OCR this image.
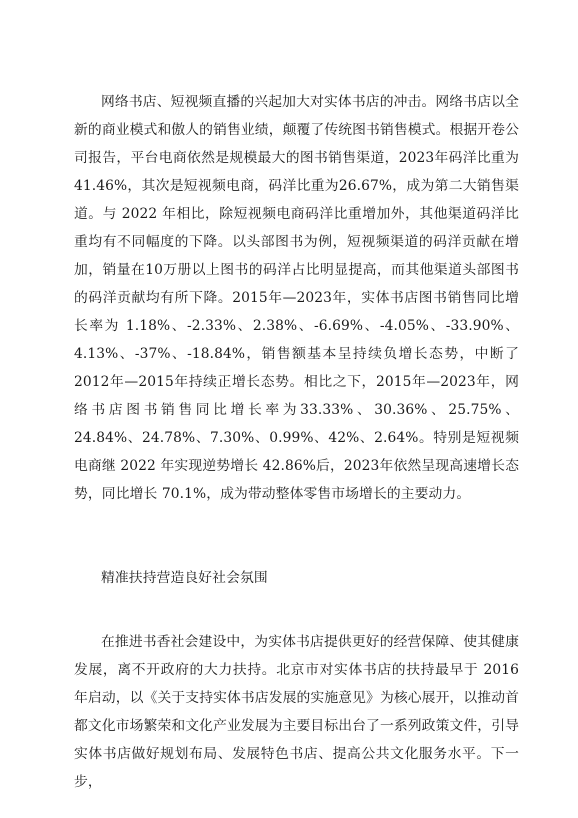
网络书店、短视频直播的兴起加大对实体书店的冲击。网络书店以全新的商业模式和傲人的销售业绩，颠覆了传统图书销售模式。根据开卷公司报告，平台电商依然是规模最大的图书销售渠道，2023年码洋比重为41.46%，其次是短视频电商，码洋比重为26.67%，成为第二大销售渠道。与 2022 年相比，除短视频电商码洋比重增加外，其他渠道码洋比重均有不同幅度的下降。以头部图书为例，短视频渠道的码洋贡献在增加，销量在10万册以上图书的码洋占比明显提高，而其他渠道头部图书的码洋贡献均有所下降。2015年—2023年，实体书店图书销售同比增长率为 1.18%、-2.33%、2.38%、-6.69%、-4.05%、-33.90%、4.13%、-37%、-18.84%，销售额基本呈持续负增长态势，中断了2012年—2015年持续正增长态势。相比之下，2015年—2023年，网络书店图书销售同比增长率为33.33%、30.36%、25.75%、24.84%、24.78%、7.30%、0.99%、42%、2.64%。特别是短视频电商继 2022 年实现逆势增长 42.86%后，2023年依然呈现高速增长态势，同比增长 70.1%，成为带动整体零售市场增长的主要动力。

精准扶持营造良好社会氛围

在推进书香社会建设中，为实体书店提供更好的经营保障、使其健康发展，离不开政府的大力扶持。北京市对实体书店的扶持最早于 2016 年启动，以《关于支持实体书店发展的实施意见》为核心展开，以推动首都文化市场繁荣和文化产业发展为主要目标出台了一系列政策文件，引导实体书店做好规划布局、发展特色书店、提高公共文化服务水平。下一步，
